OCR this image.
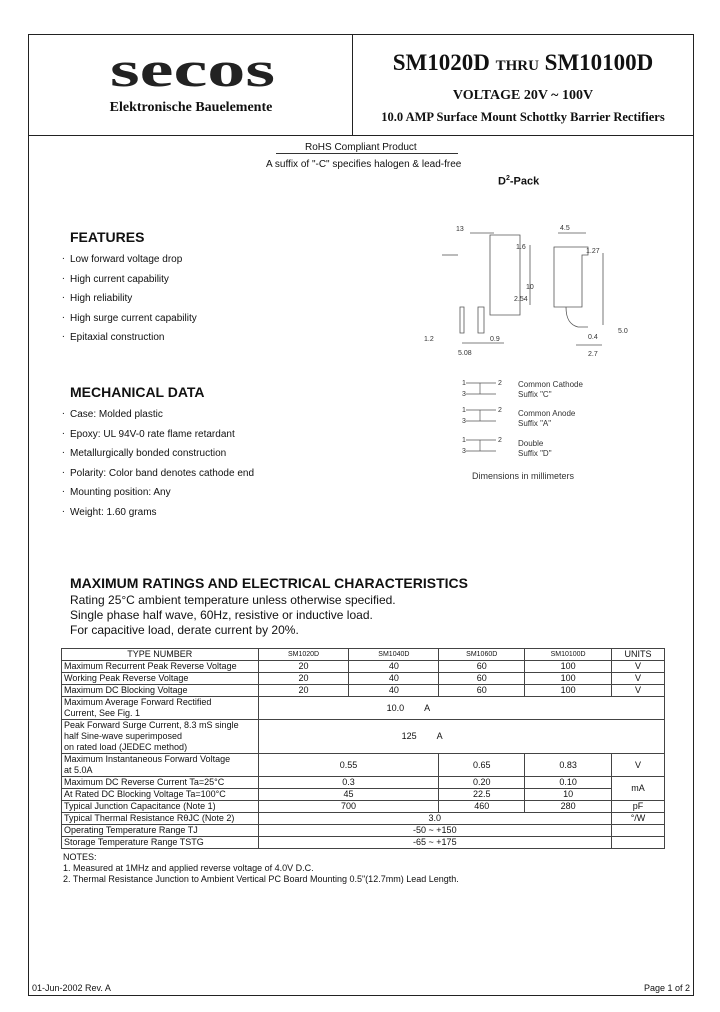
secos
Elektronische Bauelemente
SM1020D THRU SM10100D
VOLTAGE 20V ~ 100V
10.0 AMP Surface Mount Schottky Barrier Rectifiers
RoHS Compliant Product
A suffix of "-C" specifies halogen & lead-free
$D^2$-Pack
FEATURES
. Low forward voltage drop
. High current capability
. High reliability
. High surge current capability
. Epitaxial construction
MECHANICAL DATA
. Case: Molded plastic
. Epoxy: UL 94V-0 rate flame retardant
. Metallurgically bonded construction
. Polarity: Color band denotes cathode end
. Mounting position: Any
. Weight: 1.60 grams
13	4.5
1.6
1.27
2.54
10
5.0
1.2	0.9	0.4
5.08	2.7
1	2
3
1	2
3
1	2
3
Common Cathode
Suffix "C"
Common Anode
Suffix "A"
Double
Suffix "D"
Dimensions in millimeters
MAXIMUM RATINGS AND ELECTRICAL CHARACTERISTICS
Rating 25°C ambient temperature unless otherwise specified.
Single phase half wave, 60Hz, resistive or inductive load.
For capacitive load, derate current by 20%.
TYPE NUMBER	SM1020D	SM1040D	SM1060D	SM10100D	UNITS
Maximum Recurrent Peak Reverse Voltage	20	40	60	100	V
Working Peak Reverse Voltage	20	40	60	100	V
Maximum DC Blocking Voltage	20	40	60	100	V

Maximum Average Forward Rectified
Current, See Fig. 1	10.0 A				

Peak Forward Surge Current, 8.3 mS single
half Sine-wave superimposed
on rated load (JEDEC method)	125 A				

Maximum Instantaneous Forward Voltage
at 5.0A	0.55		0.65	0.83	V
Maximum DC Reverse Current Ta=25°C	0.3		0.20	0.10	mA
At Rated DC Blocking Voltage Ta=100°C	45		22.5	10	
Typical Junction Capacitance (Note 1)	700		460	280	pF
Typical Thermal Resistance RθJC (Note 2)	3.0				°/W
Operating Temperature Range TJ	-50 ~ +150				
Storage Temperature Range TSTG	-65 ~ +175				
NOTES:
1. Measured at 1MHz and applied reverse voltage of 4.0V D.C.
2. Thermal Resistance Junction to Ambient Vertical PC Board Mounting 0.5"(12.7mm) Lead Length.
01-Jun-2002 Rev. A	Page 1 of 2
